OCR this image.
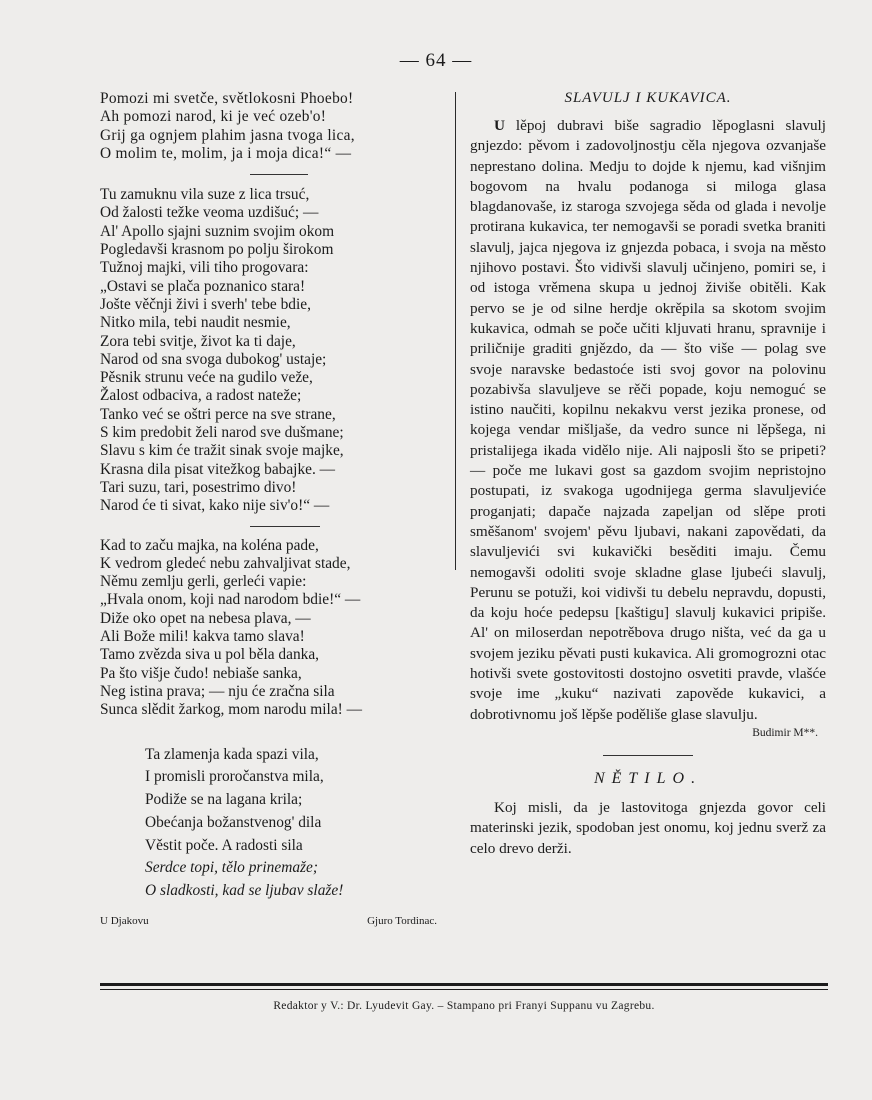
— 64 —
Pomozi mi svetče, světlokosni Phoebo!
Ah pomozi narod, ki je već ozeb'o!
Grij ga ognjem plahim jasna tvoga lica,
O molim te, molim, ja i moja dica!“ —
Tu zamuknu vila suze z lica trsuć,
Od žalosti težke veoma uzdišuć; —
Al' Apollo sjajni suznim svojim okom
Pogledavši krasnom po polju širokom
Tužnoj majki, vili tiho progovara:
„Ostavi se plača poznanico stara!
Jošte věčnji živi i sverh' tebe bdie,
Nitko mila, tebi naudit nesmie,
Zora tebi svitje, život ka ti daje,
Narod od sna svoga dubokog' ustaje;
Pěsnik strunu veće na gudilo veže,
Žalost odbaciva, a radost nateže;
Tanko već se oštri perce na sve strane,
S kim predobit želi narod sve dušmane;
Slavu s kim će tražit sinak svoje majke,
Krasna dila pisat vitežkog babajke. —
Tari suzu, tari, posestrimo divo!
Narod će ti sivat, kako nije siv'o!“ —
Kad to začu majka, na koléna pade,
K vedrom gledeć nebu zahvaljivat stade,
Němu zemlju gerli, gerleći vapie:
„Hvala onom, koji nad narodom bdie!“ —
Diže oko opet na nebesa plava, —
Ali Bože mili! kakva tamo slava!
Tamo zvězda siva u pol běla danka,
Pa što višje čudo! nebiaše sanka,
Neg istina prava; — nju će zračna sila
Sunca slědit žarkog, mom narodu mila! —
Ta zlamenja kada spazi vila,
I promisli proročanstva mila,
Podiže se na lagana krila;
Obećanja božanstvenog' dila
Věstit poče. A radosti sila
Serdce topi, tělo prinemaže;
O sladkosti, kad se ljubav slaže!
U Djakovu	Gjuro Tordinac.
SLAVULJ I KUKAVICA.

U lěpoj dubravi biše sagradio lěpoglasni slavulj gnjezdo: pěvom i zadovoljnostju cěla njegova ozvanjaše neprestano dolina. Medju to dojde k njemu, kad višnjim bogovom na hvalu podanoga si miloga glasa blagdanovaše, iz staroga szvojega sěda od glada i nevolje protirana kukavica, ter nemogavši se poradi svetka braniti slavulj, jajca njegova iz gnjezda pobaca, i svoja na město njihovo postavi. Što vidivši slavulj učinjeno, pomiri se, i od istoga vrěmena skupa u jednoj živiše obitěli. Kak pervo se je od silne herdje okrěpila sa skotom svojim kukavica, odmah se poče učiti kljuvati hranu, spravnije i priličnije graditi gnjězdo, da — što više — polag sve svoje naravske bedastoće isti svoj govor na polovinu pozabivša slavuljeve se rěči popade, koju nemoguć se istino naučiti, kopilnu nekakvu verst jezika pronese, od kojega vendar mišljaše, da vedro sunce ni lěpšega, ni pristalijega ikada vidělo nije. Ali najposli što se pripeti? — poče me lukavi gost sa gazdom svojim nepristojno postupati, iz svakoga ugodnijega germa slavuljeviće proganjati; dapače najzada zapeljan od slěpe proti směšanom' svojem' pěvu ljubavi, nakani zapovědati, da slavuljevići svi kukavički besěditi imaju. Čemu nemogavši odoliti svoje skladne glase ljubeći slavulj, Perunu se potuži, koi vidivši tu debelu nepravdu, dopusti, da koju hoće pedepsu [kaštigu] slavulj kukavici pripiše. Al' on miloserdan nepotrěbova drugo ništa, već da ga u svojem jeziku pěvati pusti kukavica. Ali gromogrozni otac hotivši svete gostovitosti dostojno osvetiti pravde, vlašće svoje ime „kuku“ nazivati zapověde kukavici, a dobrotivnomu još lěpše poděliše glase slavulju.

Budimir M**.
NĚTILO.

Koj misli, da je lastovitoga gnjezda govor celi materinski jezik, spodoban jest onomu, koj jednu sverž za celo drevo derži.

Redaktor y V.: Dr. Lyudevit Gay. – Stampano pri Franyi Suppanu vu Zagrebu.
